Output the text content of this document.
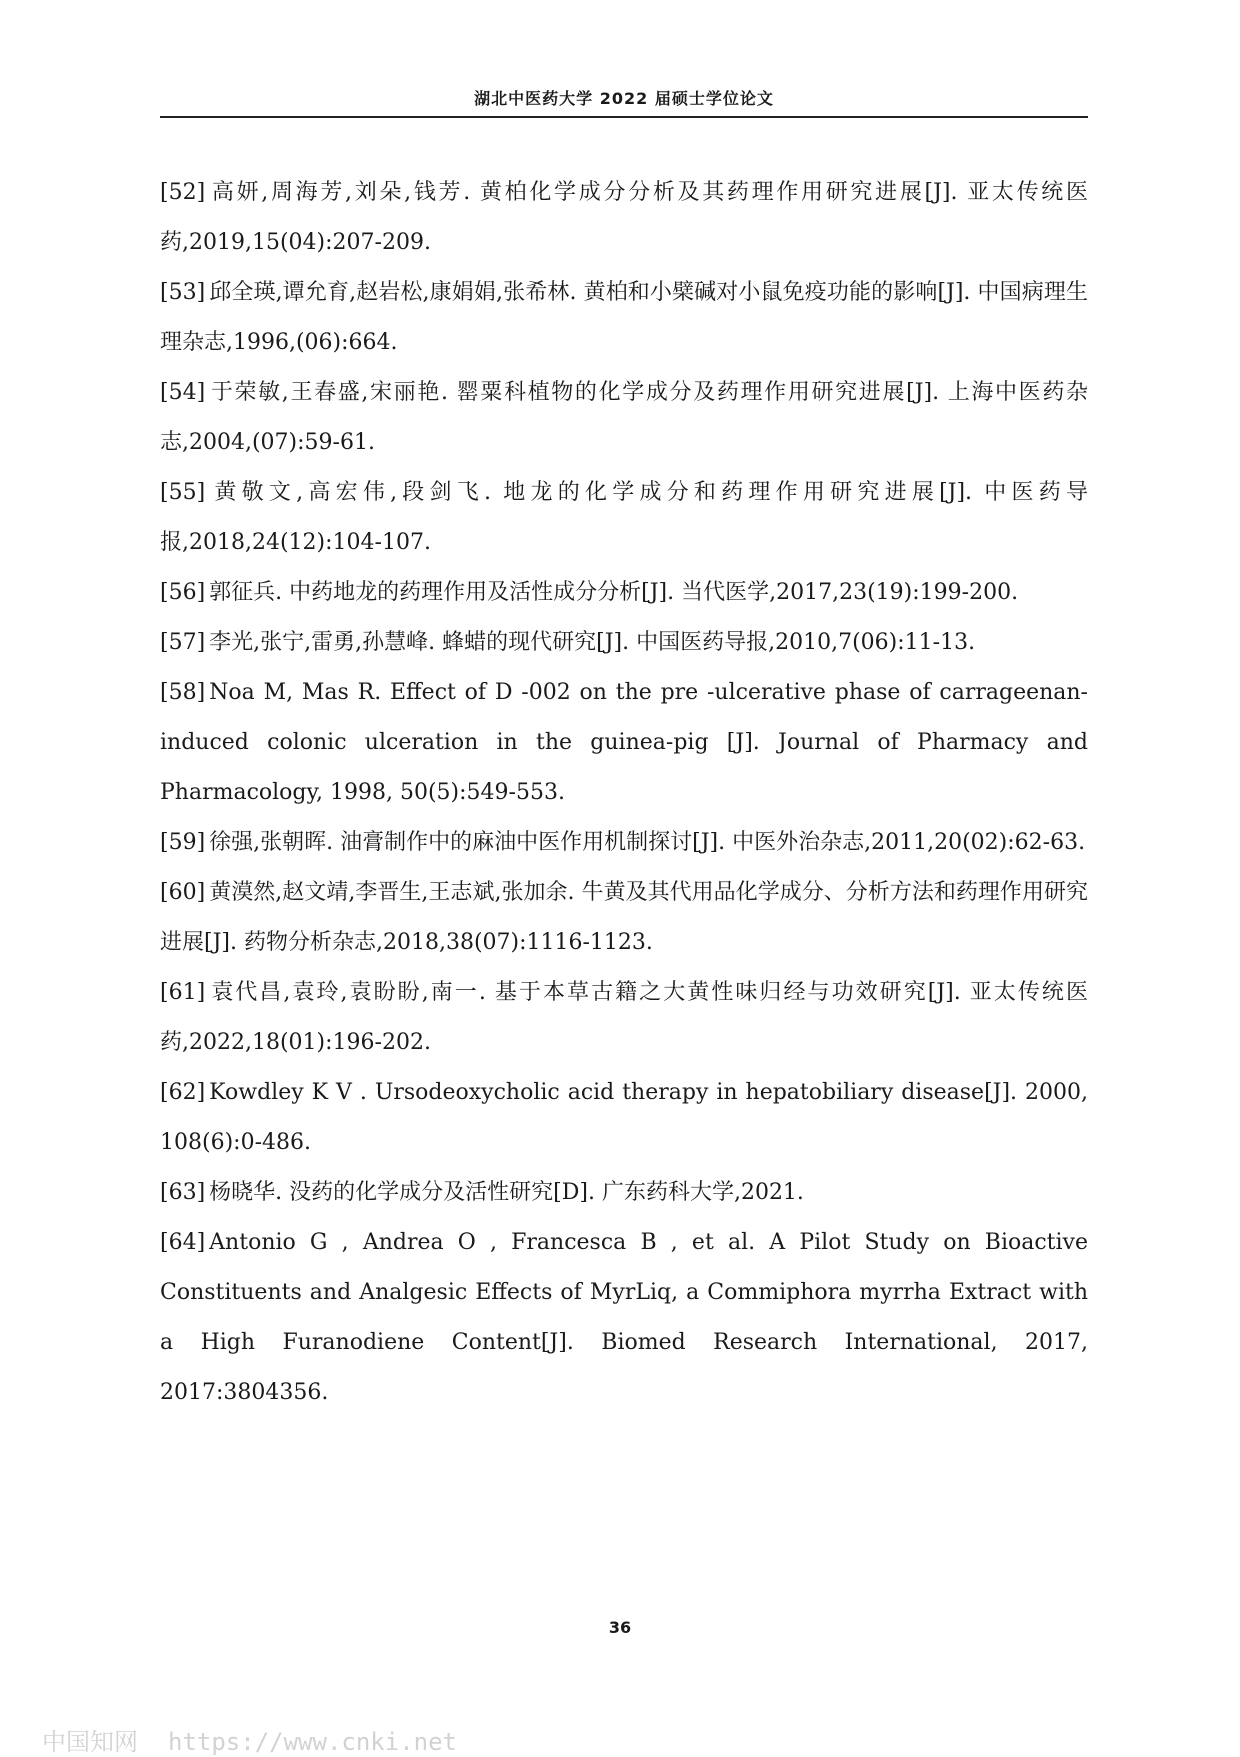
湖北中医药大学 2022 届硕士学位论文
[52] 高妍,周海芳,刘朵,钱芳. 黄柏化学成分分析及其药理作用研究进展[J]. 亚太传统医药,2019,15(04):207-209.
[53] 邱全瑛,谭允育,赵岩松,康娟娟,张希林. 黄柏和小檗碱对小鼠免疫功能的影响[J]. 中国病理生理杂志,1996,(06):664.
[54] 于荣敏,王春盛,宋丽艳. 罂粟科植物的化学成分及药理作用研究进展[J]. 上海中医药杂志,2004,(07):59-61.
[55] 黄敬文,高宏伟,段剑飞. 地龙的化学成分和药理作用研究进展[J]. 中医药导报,2018,24(12):104-107.
[56] 郭征兵. 中药地龙的药理作用及活性成分分析[J]. 当代医学,2017,23(19):199-200.
[57] 李光,张宁,雷勇,孙慧峰. 蜂蜡的现代研究[J]. 中国医药导报,2010,7(06):11-13.
[58] Noa M, Mas R. Effect of D -002 on the pre -ulcerative phase of carrageenan-induced colonic ulceration in the guinea-pig [J]. Journal of Pharmacy and Pharmacology, 1998, 50(5):549-553.
[59] 徐强,张朝晖. 油膏制作中的麻油中医作用机制探讨[J]. 中医外治杂志,2011,20(02):62-63.
[60] 黄漠然,赵文靖,李晋生,王志斌,张加余. 牛黄及其代用品化学成分、分析方法和药理作用研究进展[J]. 药物分析杂志,2018,38(07):1116-1123.
[61] 袁代昌,袁玲,袁盼盼,南一. 基于本草古籍之大黄性味归经与功效研究[J]. 亚太传统医药,2022,18(01):196-202.
[62] Kowdley K V . Ursodeoxycholic acid therapy in hepatobiliary disease[J]. 2000, 108(6):0-486.
[63] 杨晓华. 没药的化学成分及活性研究[D]. 广东药科大学,2021.
[64] Antonio G , Andrea O , Francesca B , et al. A Pilot Study on Bioactive Constituents and Analgesic Effects of MyrLiq, a Commiphora myrrha Extract with a High Furanodiene Content[J]. Biomed Research International, 2017, 2017:3804356.
36
中国知网 https://www.cnki.net
